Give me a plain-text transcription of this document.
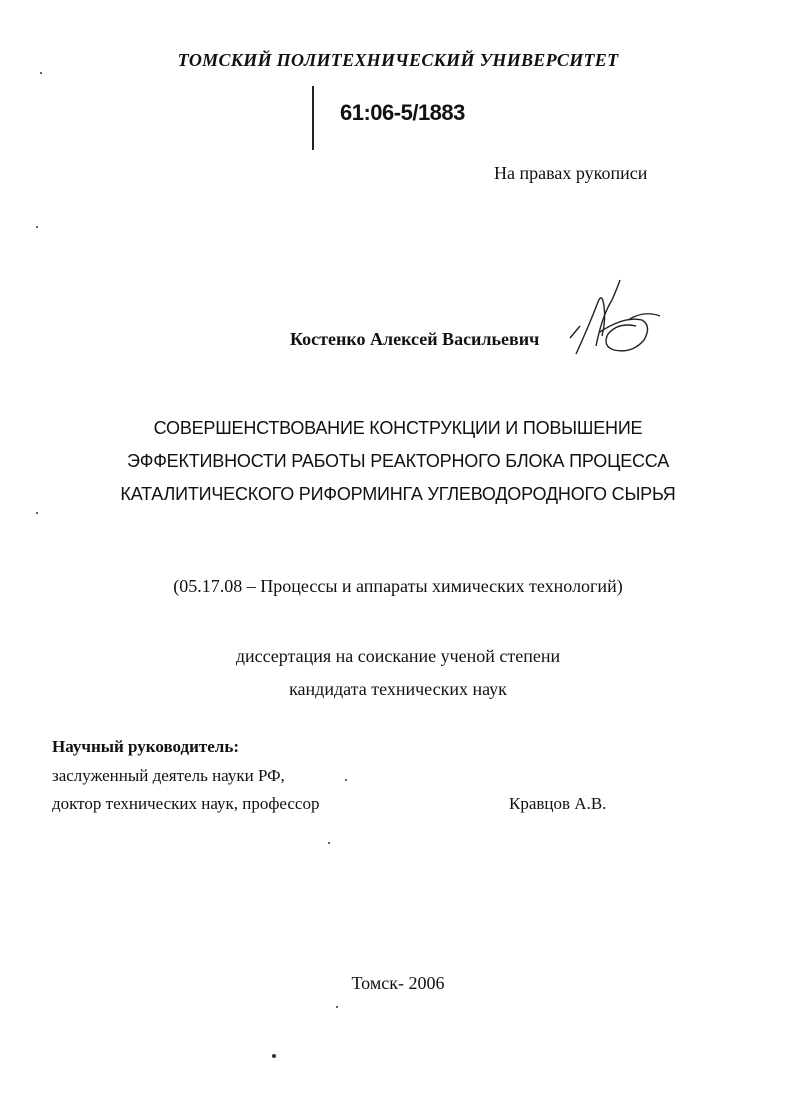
ТОМСКИЙ ПОЛИТЕХНИЧЕСКИЙ УНИВЕРСИТЕТ
61:06-5/1883
На правах рукописи
Костенко Алексей Васильевич
СОВЕРШЕНСТВОВАНИЕ КОНСТРУКЦИИ И ПОВЫШЕНИЕ
ЭФФЕКТИВНОСТИ РАБОТЫ РЕАКТОРНОГО БЛОКА ПРОЦЕССА
КАТАЛИТИЧЕСКОГО РИФОРМИНГА УГЛЕВОДОРОДНОГО СЫРЬЯ
(05.17.08 – Процессы и аппараты химических технологий)
диссертация на соискание ученой степени
кандидата технических наук
Научный руководитель:
заслуженный деятель науки РФ,
доктор технических наук, профессор	Кравцов А.В.
Томск- 2006
